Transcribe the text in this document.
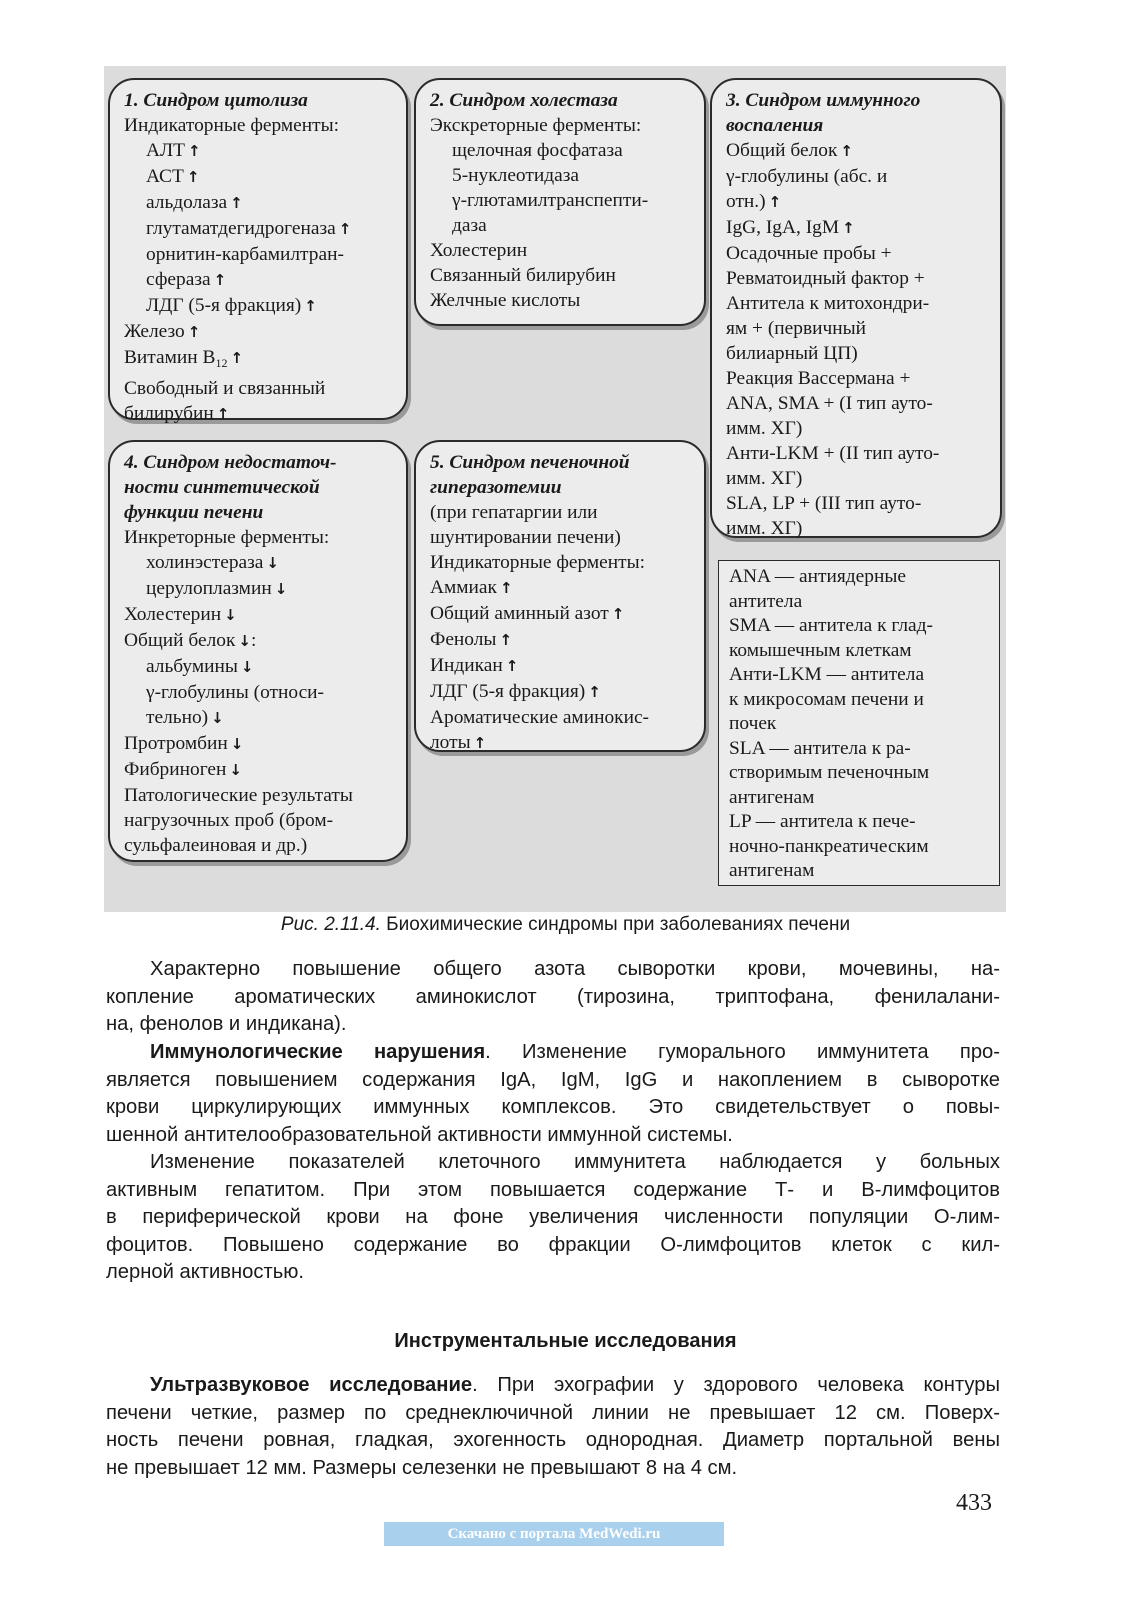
1. Синдром цитолиза
Индикаторные ферменты:
АЛТ ↑
АСТ ↑
альдолаза ↑
глутаматдегидрогеназа ↑
орнитин-карбамилтран-
сфераза ↑
ЛДГ (5-я фракция) ↑
Железо ↑
Витамин $B_{12}$ ↑
Свободный и связанный
билирубин ↑
2. Синдром холестаза
Экскреторные ферменты:
щелочная фосфатаза
5-нуклеотидаза
γ-глютамилтранспепти-
даза
Холестерин
Связанный билирубин
Желчные кислоты
3. Синдром иммунного
воспаления
Общий белок ↑
γ-глобулины (абс. и
отн.) ↑
IgG, IgA, IgM ↑
Осадочные пробы +
Ревматоидный фактор +
Антитела к митохондри-
ям + (первичный
билиарный ЦП)
Реакция Вассермана +
ANA, SMA + (I тип ауто-
имм. ХГ)
Анти-LKM + (II тип ауто-
имм. ХГ)
SLA, LP + (III тип ауто-
имм. ХГ)
4. Синдром недостаточ-
ности синтетической
функции печени
Инкреторные ферменты:
холинэстераза ↓
церулоплазмин ↓
Холестерин ↓
Общий белок ↓:
альбумины ↓
γ-глобулины (относи-
тельно) ↓
Протромбин ↓
Фибриноген ↓
Патологические результаты
нагрузочных проб (бром-
сульфалеиновая и др.)
5. Синдром печеночной
гиперазотемии
(при гепатаргии или
шунтировании печени)
Индикаторные ферменты:
Аммиак ↑
Общий аминный азот ↑
Фенолы ↑
Индикан ↑
ЛДГ (5-я фракция) ↑
Ароматические аминокис-
лоты ↑
ANA — антиядерные
антитела
SMA — антитела к глад-
комышечным клеткам
Анти-LKM — антитела
к микросомам печени и
почек
SLA — антитела к ра-
створимым печеночным
антигенам
LP — антитела к пече-
ночно-панкреатическим
антигенам
Рис. 2.11.4. Биохимические синдромы при заболеваниях печени
Характерно повышение общего азота сыворотки крови, мочевины, на-
копление ароматических аминокислот (тирозина, триптофана, фенилалани-
на, фенолов и индикана).
Иммунологические нарушения. Изменение гуморального иммунитета про-
является повышением содержания IgA, IgM, IgG и накоплением в сыворотке
крови циркулирующих иммунных комплексов. Это свидетельствует о повы-
шенной антителообразовательной активности иммунной системы.
Изменение показателей клеточного иммунитета наблюдается у больных
активным гепатитом. При этом повышается содержание Т- и В-лимфоцитов
в периферической крови на фоне увеличения численности популяции О-лим-
фоцитов. Повышено содержание во фракции О-лимфоцитов клеток с кил-
лерной активностью.
Инструментальные исследования
Ультразвуковое исследование. При эхографии у здорового человека контуры
печени четкие, размер по среднеключичной линии не превышает 12 см. Поверх-
ность печени ровная, гладкая, эхогенность однородная. Диаметр портальной вены
не превышает 12 мм. Размеры селезенки не превышают 8 на 4 см.
433
Скачано с портала MedWedi.ru
